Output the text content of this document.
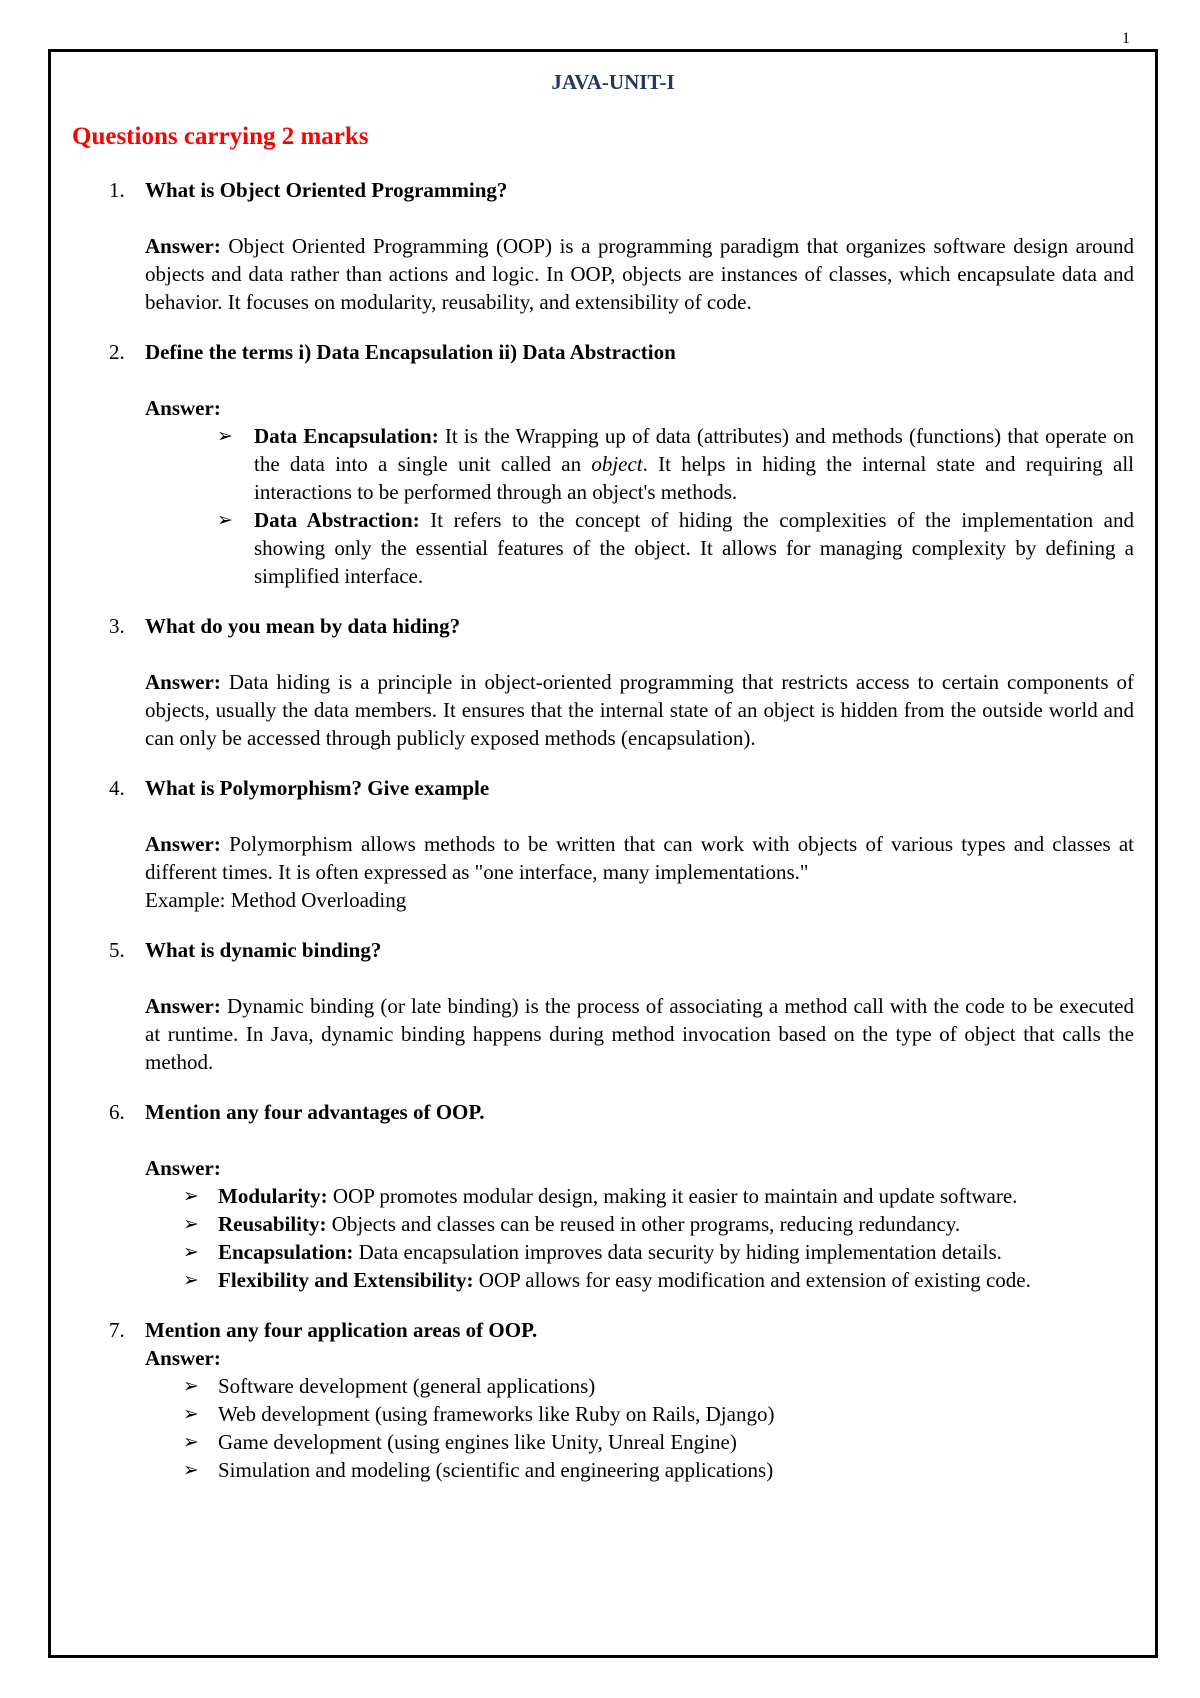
1
JAVA-UNIT-I
Questions carrying 2 marks
1. What is Object Oriented Programming?
Answer: Object Oriented Programming (OOP) is a programming paradigm that organizes software design around objects and data rather than actions and logic. In OOP, objects are instances of classes, which encapsulate data and behavior. It focuses on modularity, reusability, and extensibility of code.
2. Define the terms i) Data Encapsulation ii) Data Abstraction
Answer:
➢ Data Encapsulation: It is the Wrapping up of data (attributes) and methods (functions) that operate on the data into a single unit called an object. It helps in hiding the internal state and requiring all interactions to be performed through an object's methods.
➢ Data Abstraction: It refers to the concept of hiding the complexities of the implementation and showing only the essential features of the object. It allows for managing complexity by defining a simplified interface.
3. What do you mean by data hiding?
Answer: Data hiding is a principle in object-oriented programming that restricts access to certain components of objects, usually the data members. It ensures that the internal state of an object is hidden from the outside world and can only be accessed through publicly exposed methods (encapsulation).
4. What is Polymorphism? Give example
Answer: Polymorphism allows methods to be written that can work with objects of various types and classes at different times. It is often expressed as "one interface, many implementations."
Example: Method Overloading
5. What is dynamic binding?
Answer: Dynamic binding (or late binding) is the process of associating a method call with the code to be executed at runtime. In Java, dynamic binding happens during method invocation based on the type of object that calls the method.
6. Mention any four advantages of OOP.
Answer:
➢ Modularity: OOP promotes modular design, making it easier to maintain and update software.
➢ Reusability: Objects and classes can be reused in other programs, reducing redundancy.
➢ Encapsulation: Data encapsulation improves data security by hiding implementation details.
➢ Flexibility and Extensibility: OOP allows for easy modification and extension of existing code.
7. Mention any four application areas of OOP.
Answer:
➢ Software development (general applications)
➢ Web development (using frameworks like Ruby on Rails, Django)
➢ Game development (using engines like Unity, Unreal Engine)
➢ Simulation and modeling (scientific and engineering applications)
